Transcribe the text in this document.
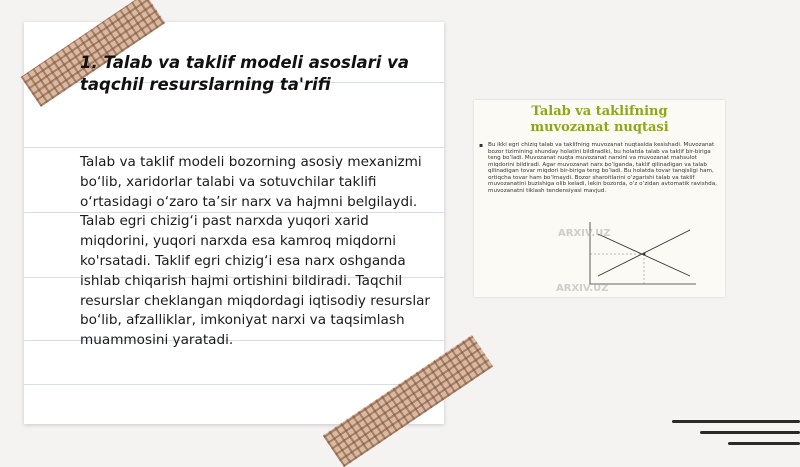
1. Talab va taklif modeli asoslari va taqchil resurslarning ta'rifi
Talab va taklif modeli bozorning asosiy mexanizmi bo‘lib, xaridorlar talabi va sotuvchilar taklifi o‘rtasidagi o‘zaro ta’sir narx va hajmni belgilaydi. Talab egri chizig‘i past narxda yuqori xarid miqdorini, yuqori narxda esa kamroq miqdorni ko'rsatadi. Taklif egri chizig‘i esa narx oshganda ishlab chiqarish hajmi ortishini bildiradi. Taqchil resurslar cheklangan miqdordagi iqtisodiy resurslar bo‘lib, afzalliklar, imkoniyat narxi va taqsimlash muammosini yaratadi.
Talab va taklifning
muvozanat nuqtasi
▪ Bu ikki egri chiziq talab va taklifning muvozanat nuqtasida kesishadi. Muvozanat bozor tizimining shunday holatini bildiradiki, bu holatda talab va taklif bir-biriga teng bo‘ladi. Muvozanat nuqta muvozanat narxini va muvozanat mahsulot miqdorini bildiradi. Agar muvozanat narx bo‘lganda, taklif qilinadigan va talab qilinadigan tovar miqdori bir-biriga teng bo‘ladi. Bu holatda tovar tanqisligi ham, ortiqcha tovar ham bo‘lmaydi. Bozor sharoitlarini o‘zgarishi talab va taklif muvozanatini buzishiga olib keladi, lekin bozorda, o‘z o‘zidan avtomatik ravishda, muvozanatni tiklash tendensiyasi mavjud.
ARXIV.UZ
ARXIV.UZ
